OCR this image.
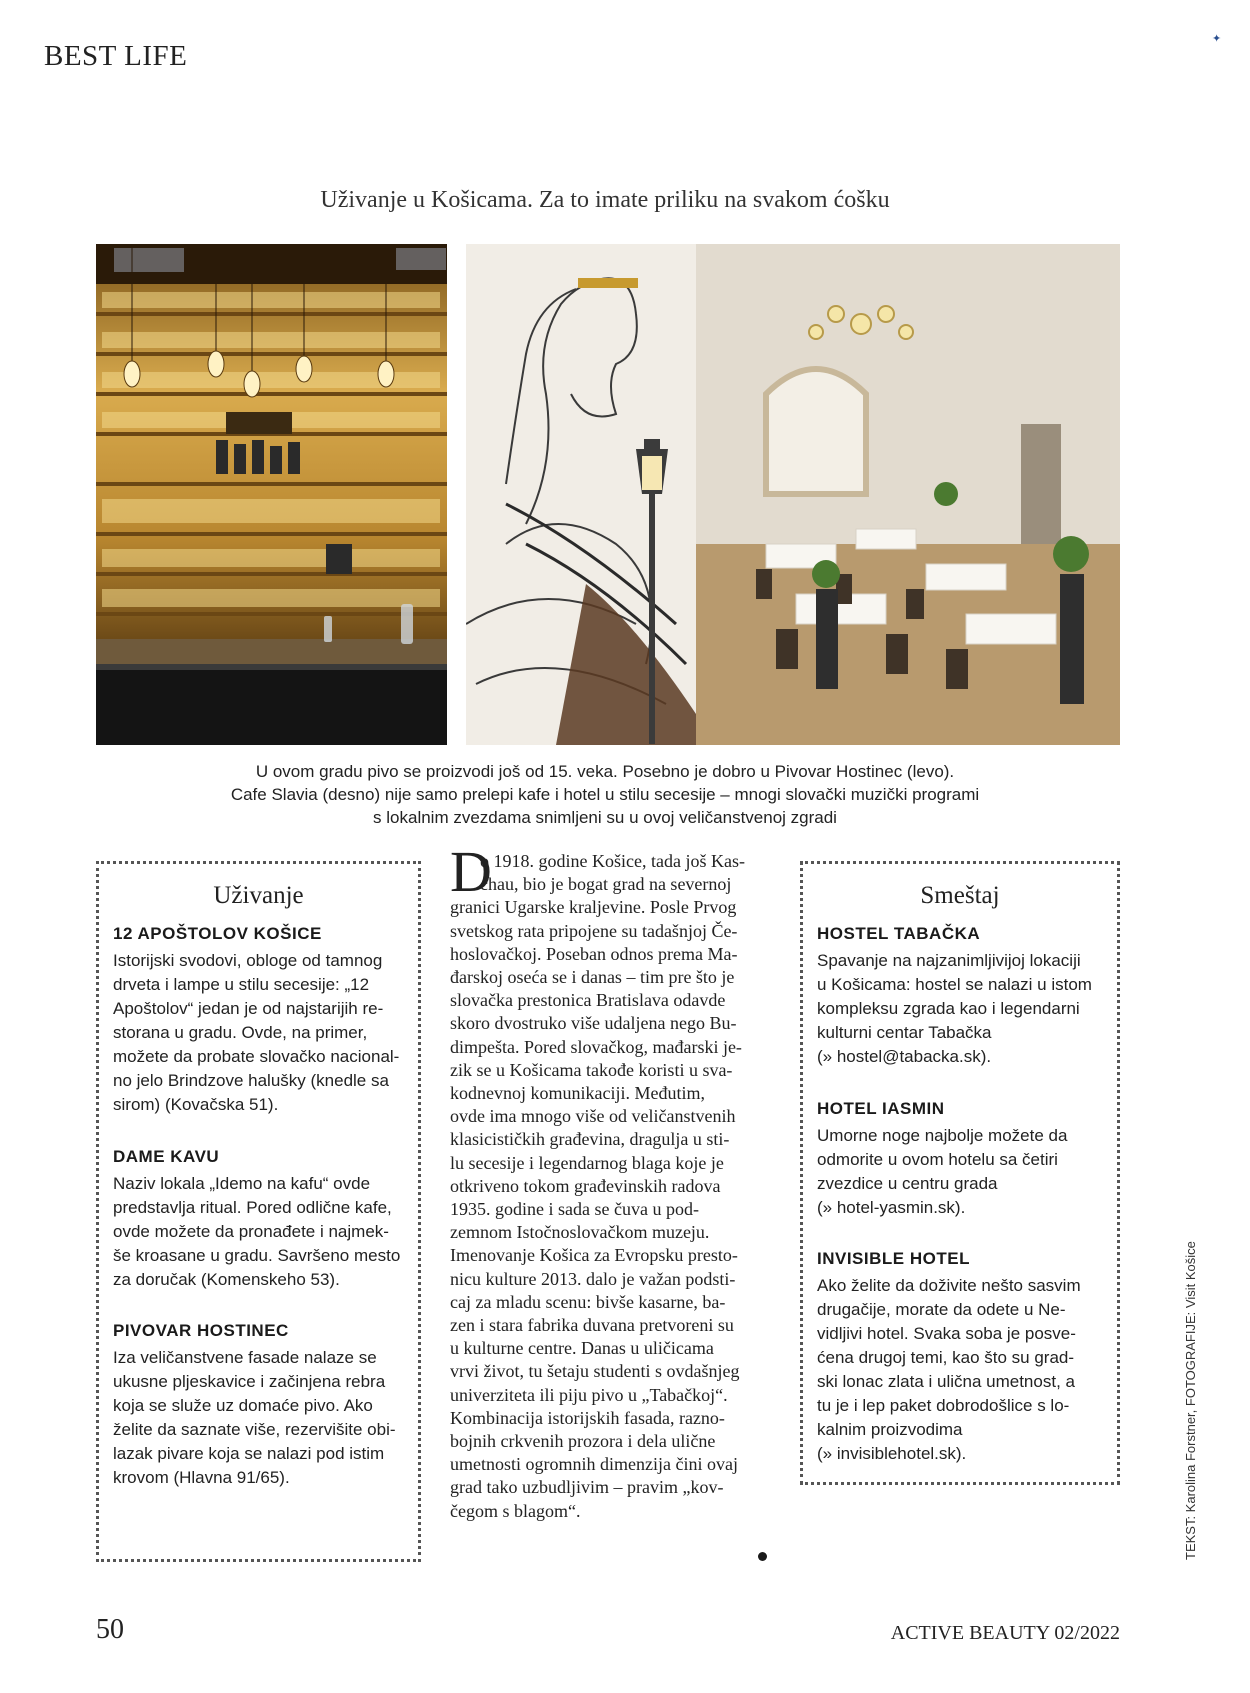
BEST LIFE
✦
Uživanje u Košicama. Za to imate priliku na svakom ćošku
U ovom gradu pivo se proizvodi još od 15. veka. Posebno je dobro u Pivovar Hostinec (levo).
Cafe Slavia (desno) nije samo prelepi kafe i hotel u stilu secesije – mnogi slovački muzički programi
s lokalnim zvezdama snimljeni su u ovoj veličanstvenoj zgradi
Uživanje
12 APOŠTOLOV KOŠICE
Istorijski svodovi, obloge od tamnog
drveta i lampe u stilu secesije: „12
Apoštolov“ jedan je od najstarijih re-
storana u gradu. Ovde, na primer,
možete da probate slovačko nacional-
no jelo Brindzove halušky (knedle sa
sirom) (Kovačska 51).
DAME KAVU
Naziv lokala „Idemo na kafu“ ovde
predstavlja ritual. Pored odlične kafe,
ovde možete da pronađete i najmek-
še kroasane u gradu. Savršeno mesto
za doručak (Komenskeho 53).
PIVOVAR HOSTINEC
Iza veličanstvene fasade nalaze se
ukusne pljeskavice i začinjena rebra
koja se služe uz domaće pivo. Ako
želite da saznate više, rezervišite obi-
lazak pivare koja se nalazi pod istim
krovom (Hlavna 91/65).
D
o 1918. godine Košice, tada još Kas-
chau, bio je bogat grad na severnoj
granici Ugarske kraljevine. Posle Prvog
svetskog rata pripojene su tadašnjoj Če-
hoslovačkoj. Poseban odnos prema Ma-
đarskoj oseća se i danas – tim pre što je
slovačka prestonica Bratislava odavde
skoro dvostruko više udaljena nego Bu-
dimpešta. Pored slovačkog, mađarski je-
zik se u Košicama takođe koristi u sva-
kodnevnoj komunikaciji. Međutim,
ovde ima mnogo više od veličanstvenih
klasicističkih građevina, dragulja u sti-
lu secesije i legendarnog blaga koje je
otkriveno tokom građevinskih radova
1935. godine i sada se čuva u pod-
zemnom Istočnoslovačkom muzeju.
Imenovanje Košica za Evropsku presto-
nicu kulture 2013. dalo je važan podsti-
caj za mladu scenu: bivše kasarne, ba-
zen i stara fabrika duvana pretvoreni su
u kulturne centre. Danas u uličicama
vrvi život, tu šetaju studenti s ovdašnjeg
univerziteta ili piju pivo u „Tabačkoj“.
Kombinacija istorijskih fasada, razno-
bojnih crkvenih prozora i dela ulične
umetnosti ogromnih dimenzija čini ovaj
grad tako uzbudljivim – pravim „kov-
čegom s blagom“.
Smeštaj
HOSTEL TABAČKA
Spavanje na najzanimljivijoj lokaciji
u Košicama: hostel se nalazi u istom
kompleksu zgrada kao i legendarni
kulturni centar Tabačka
(» hostel@tabacka.sk).
HOTEL IASMIN
Umorne noge najbolje možete da
odmorite u ovom hotelu sa četiri
zvezdice u centru grada
(» hotel-yasmin.sk).
INVISIBLE HOTEL
Ako želite da doživite nešto sasvim
drugačije, morate da odete u Ne-
vidljivi hotel. Svaka soba je posve-
ćena drugoj temi, kao što su grad-
ski lonac zlata i ulična umetnost, a
tu je i lep paket dobrodošlice s lo-
kalnim proizvodima
(» invisiblehotel.sk).	TEKST: Karolina Forstner, FOTOGRAFIJE: Visit Košice
50	ACTIVE BEAUTY 02/2022
